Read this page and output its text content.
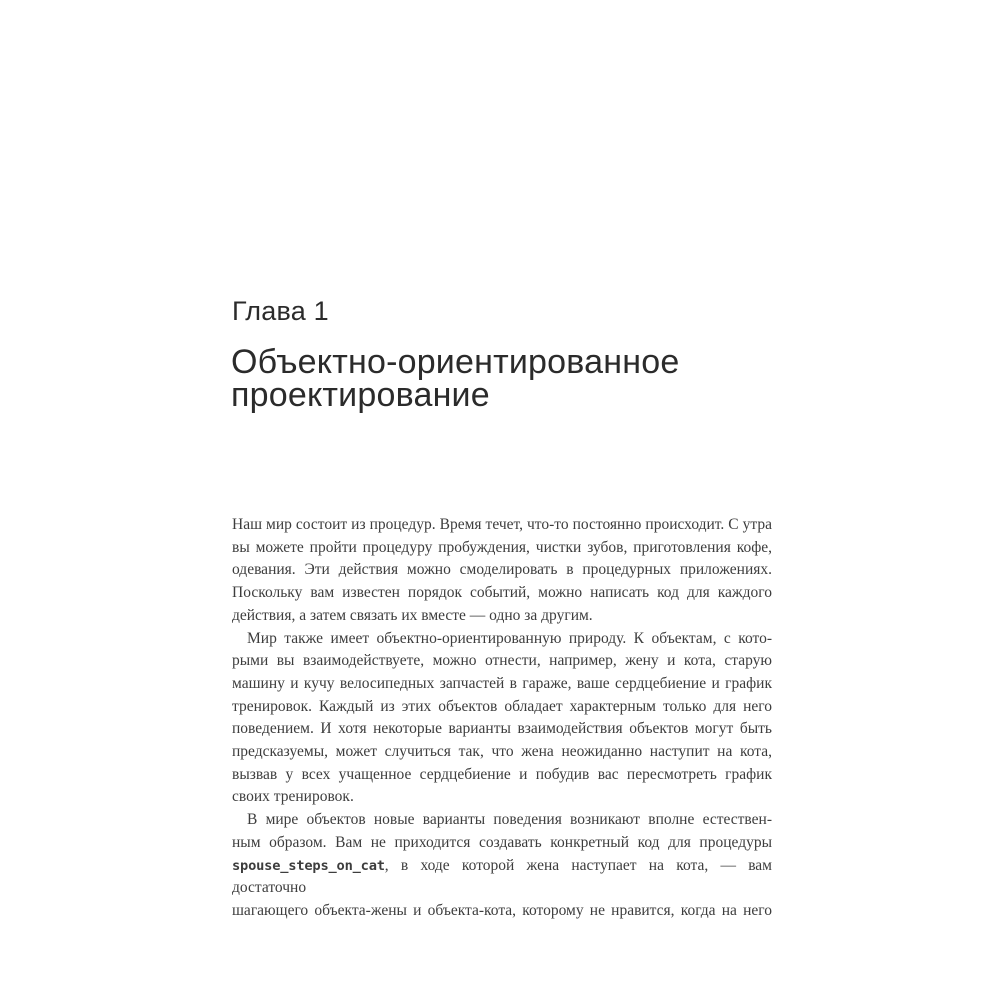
Глава 1
Объектно-ориентированное
проектирование
Наш мир состоит из процедур. Время течет, что-то постоянно происходит. С утра
вы можете пройти процедуру пробуждения, чистки зубов, приготовления кофе,
одевания. Эти действия можно смоделировать в процедурных приложениях.
Поскольку вам известен порядок событий, можно написать код для каждого
действия, а затем связать их вместе — одно за другим.
Мир также имеет объектно-ориентированную природу. К объектам, с кото-
рыми вы взаимодействуете, можно отнести, например, жену и кота, старую
машину и кучу велосипедных запчастей в гараже, ваше сердцебиение и график
тренировок. Каждый из этих объектов обладает характерным только для него
поведением. И хотя некоторые варианты взаимодействия объектов могут быть
предсказуемы, может случиться так, что жена неожиданно наступит на кота,
вызвав у всех учащенное сердцебиение и побудив вас пересмотреть график
своих тренировок.
В мире объектов новые варианты поведения возникают вполне естествен-
ным образом. Вам не приходится создавать конкретный код для процедуры
spouse_steps_on_cat, в ходе которой жена наступает на кота, — вам достаточно
шагающего объекта-жены и объекта-кота, которому не нравится, когда на него
